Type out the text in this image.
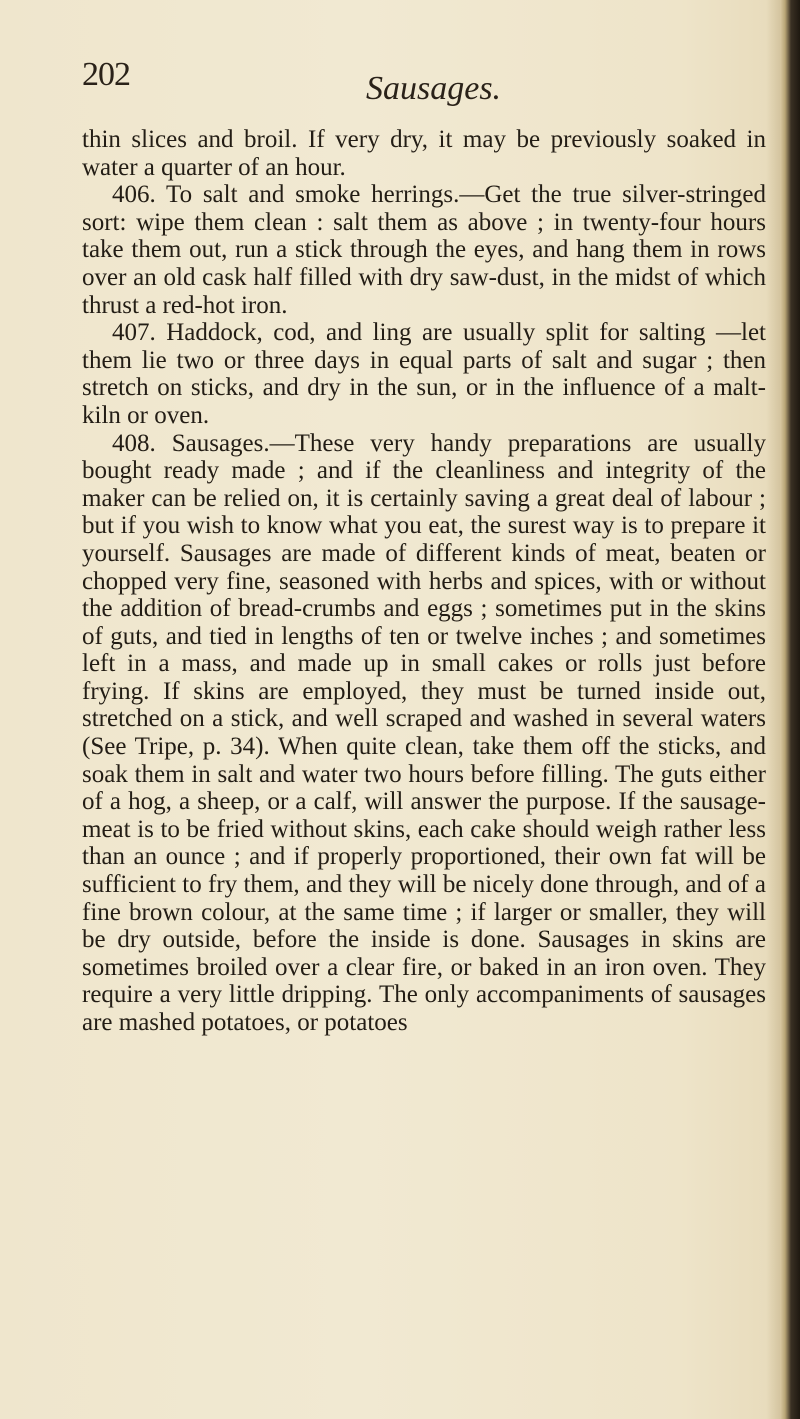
202	Sausages.

thin slices and broil. If very dry, it may be previously soaked in water a quarter of an hour.

406. To salt and smoke herrings.—Get the true silver-stringed sort: wipe them clean : salt them as above ; in twenty-four hours take them out, run a stick through the eyes, and hang them in rows over an old cask half filled with dry saw-dust, in the midst of which thrust a red-hot iron.

407. Haddock, cod, and ling are usually split for salting —let them lie two or three days in equal parts of salt and sugar ; then stretch on sticks, and dry in the sun, or in the influence of a malt-kiln or oven.

408. Sausages.—These very handy preparations are usually bought ready made ; and if the cleanliness and integrity of the maker can be relied on, it is certainly saving a great deal of labour ; but if you wish to know what you eat, the surest way is to prepare it yourself. Sausages are made of different kinds of meat, beaten or chopped very fine, seasoned with herbs and spices, with or without the addition of bread-crumbs and eggs ; sometimes put in the skins of guts, and tied in lengths of ten or twelve inches ; and sometimes left in a mass, and made up in small cakes or rolls just before frying. If skins are employed, they must be turned inside out, stretched on a stick, and well scraped and washed in several waters (See Tripe, p. 34). When quite clean, take them off the sticks, and soak them in salt and water two hours before filling. The guts either of a hog, a sheep, or a calf, will answer the purpose. If the sausage-meat is to be fried without skins, each cake should weigh rather less than an ounce ; and if properly proportioned, their own fat will be sufficient to fry them, and they will be nicely done through, and of a fine brown colour, at the same time ; if larger or smaller, they will be dry outside, before the inside is done. Sausages in skins are sometimes broiled over a clear fire, or baked in an iron oven. They require a very little dripping. The only accompaniments of sausages are mashed potatoes, or potatoes
